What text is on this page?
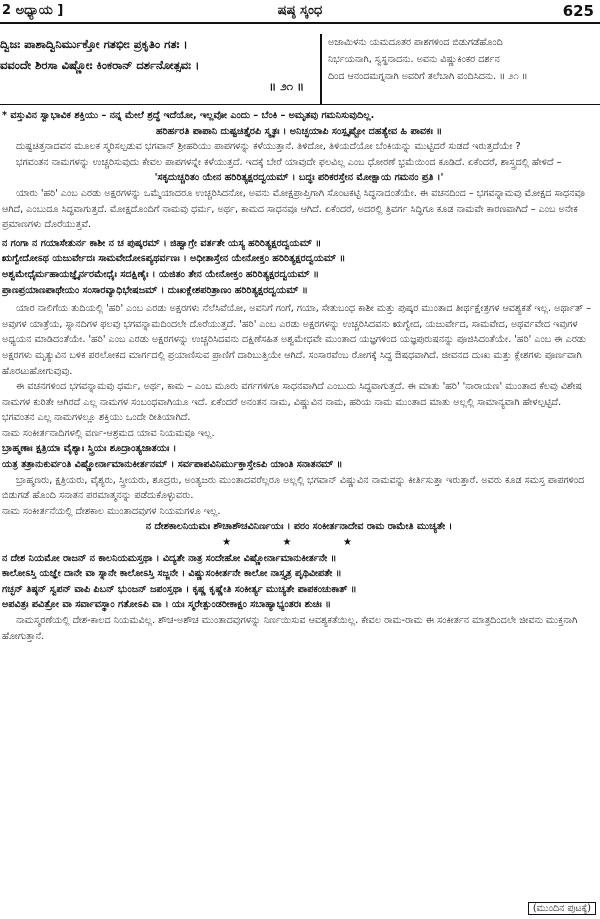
2 ಅಧ್ಯಾಯ ]	ಷಷ್ಠ ಸ್ಕಂಧ	625
ದ್ವಿಜಃ ಪಾಶಾದ್ವಿನಿರ್ಮುಕ್ತೋ ಗತಭೀಃ ಪ್ರಕೃತಿಂ ಗತಃ ।
ವವಂದೇ ಶಿರಸಾ ವಿಷ್ಣೋಃ ಕಿಂಕರಾನ್ ದರ್ಶನೋತ್ಸವಃ ।
॥ ೨೧ ॥
ಅಜಾಮಿಳನು ಯಮದೂತರ ಪಾಶಗಳಿಂದ ಬಿಡುಗಡೆಹೊಂದಿ
ನಿರ್ಭಯನಾಗಿ, ಸ್ವಸ್ಥನಾದನು. ಅವನು ವಿಷ್ಣುಕಿಂಕರ ದರ್ಶನ
ದಿಂದ ಆನಂದಮಗ್ನನಾಗಿ ಅವರಿಗೆ ತಲೆಬಾಗಿ ವಂದಿಸಿದನು. ॥ ೨೧ ॥

* ವಸ್ತುವಿನ ಸ್ವಾಭಾವಿಕ ಶಕ್ತಿಯು – ನನ್ನ ಮೇಲೆ ಶ್ರದ್ಧೆ ಇದೆಯೋ, ಇಲ್ಲವೋ ಎಂದು – ಬೆಂಕಿ – ಅಮೃತವು ಗಮನಿಸುವುದಿಲ್ಲ.

ಹರಿರ್ಹರತಿ ಪಾಪಾನಿ ದುಷ್ಟಚಿತ್ತೈರಪಿ ಸ್ಮೃತಃ । ಅನಿಚ್ಛಯಾಪಿ ಸಂಸ್ಪೃಷ್ಟೋ ದಹತ್ಯೇವ ಹಿ ಪಾವಕಃ ॥

ದುಷ್ಟಚಿತ್ತನಾದವನ ಮೂಲಕ ಸ್ಮರಿಸಲ್ಪಡುವ ಭಗವಾನ್ ಶ್ರೀಹರಿಯು ಪಾಪಗಳನ್ನು ಕಳೆಯುತ್ತಾನೆ. ತಿಳಿದೋ, ತಿಳಿಯದೆಯೋ ಬೆಂಕಿಯನ್ನು ಮುಟ್ಟಿದರೆ ಸುಡದೆ ಇರುತ್ತದೆಯೇ ?

ಭಗವಂತನ ನಾಮಗಳನ್ನು ಉಚ್ಚರಿಸುವುದು ಕೇವಲ ಪಾಪಗಳನ್ನೇ ಕಳೆಯುತ್ತದೆ. ಇದಕ್ಕೆ ಬೇರೆ ಯಾವುದೇ ಫಲವಿಲ್ಲ ಎಂಬ ಧೋರಣೆ ಭ್ರಮೆಯಿಂದ ಕೂಡಿದೆ. ಏಕೆಂದರೆ, ಶಾಸ್ತ್ರದಲ್ಲಿ ಹೇಳಿದೆ –

'ಸಕೃದುಚ್ಚರಿತಂ ಯೇನ ಹರಿರಿತ್ಯಕ್ಷರದ್ವಯಮ್ । ಬದ್ಧಃ ಪರಿಕರಸ್ತೇನ ಮೋಕ್ಷಾಯ ಗಮನಂ ಪ್ರತಿ ।'

ಯಾರು 'ಹರಿ' ಎಂಬ ಎರಡು ಅಕ್ಷರಗಳನ್ನು ಒಮ್ಮೆಯಾದರೂ ಉಚ್ಚರಿಸಿದನೋ, ಅವನು ಮೋಕ್ಷಪ್ರಾಪ್ತಿಗಾಗಿ ಸೊಂಟಕಟ್ಟಿ ಸಿದ್ಧನಾದಂತೆಯೇ. ಈ ವಚನದಿಂದ – ಭಗವನ್ನಾಮವು ಮೋಕ್ಷದ ಸಾಧನವೂ ಆಗಿದೆ, ಎಂಬುದೂ ಸಿದ್ಧವಾಗುತ್ತದೆ. ಮೋಕ್ಷದೊಂದಿಗೆ ನಾಮವು ಧರ್ಮ, ಅರ್ಥ, ಕಾಮದ ಸಾಧನವೂ ಆಗಿದೆ. ಏಕೆಂದರೆ, ಅದರಲ್ಲಿ ತ್ರಿವರ್ಗ ಸಿದ್ಧಿಗೂ ಕೂಡ ನಾಮವೇ ಕಾರಣವಾಗಿದೆ – ಎಂಬ ಅನೇಕ ಪ್ರಮಾಣಗಳು ದೊರೆಯುತ್ತವೆ.

ನ ಗಂಗಾ ನ ಗಯಾಸೇತುರ್ನ ಕಾಶೀ ನ ಚ ಪುಷ್ಕರಮ್ । ಜಿಹ್ವಾಗ್ರೇ ವರ್ತತೇ ಯಸ್ಯ ಹರಿರಿತ್ಯಕ್ಷರದ್ವಯಮ್ ॥

ಋಗ್ವೇದೋಽಥ ಯಜುರ್ವೇದಃ ಸಾಮವೇದೋಽಪ್ಯಥರ್ವಣಃ । ಅಧೀತಾಸ್ತೇನ ಯೇನೋಕ್ತಂ ಹರಿರಿತ್ಯಕ್ಷರದ್ವಯಮ್ ॥

ಅಶ್ವಮೇಧೈರ್ಮಹಾಯಜ್ಞೈರ್ನರಮೇಧೈಃ ಸದಕ್ಷಿಣೈಃ । ಯಜಿತಂ ತೇನ ಯೇನೋಕ್ತಂ ಹರಿರಿತ್ಯಕ್ಷರದ್ವಯಮ್ ॥

ಪ್ರಾಣಪ್ರಯಾಣಪಾಥೇಯಂ ಸಂಸಾರವ್ಯಾಧಿಭೇಷಜಮ್ । ದುಃಖಕ್ಲೇಶಪರಿತ್ರಾಣಂ ಹರಿರಿತ್ಯಕ್ಷರದ್ವಯಮ್ ॥

ಯಾರ ನಾಲಿಗೆಯ ತುದಿಯಲ್ಲಿ 'ಹರಿ' ಎಂಬ ಎರಡು ಅಕ್ಷರಗಳು ನೆಲೆಸಿವೆಯೋ, ಅವನಿಗೆ ಗಂಗೆ, ಗಯಾ, ಸೇತುಬಂಧ ಕಾಶೀ ಮತ್ತು ಪುಷ್ಕರ ಮುಂತಾದ ತೀರ್ಥಕ್ಷೇತ್ರಗಳ ಆವಶ್ಯಕತೆ ಇಲ್ಲ. ಅರ್ಥಾತ್ – ಅವುಗಳ ಯಾತ್ರೆಯ, ಸ್ನಾನದಿಗಳ ಫಲವು ಭಗವನ್ನಾಮದಿಂದಲೇ ದೊರೆಯುತ್ತದೆ. 'ಹರಿ' ಎಂಬ ಎರಡು ಅಕ್ಷರಗಳನ್ನು ಉಚ್ಚರಿಸಿದವನು ಋಗ್ವೇದ, ಯಜುರ್ವೇದ, ಸಾಮವೇದ, ಅಥರ್ವವೇದ ಇವುಗಳ ಅಧ್ಯಯನ ಮಾಡಿದಂತೆಯೇ. 'ಹರಿ' ಎಂಬ ಎರಡು ಅಕ್ಷರಗಳನ್ನು ಉಚ್ಚರಿಸಿದವನು ದಕ್ಷಿಣೆಸಹಿತ ಅಶ್ವಮೇಧವೇ ಮುಂತಾದ ಯಜ್ಞಗಳಿಂದ ಯಜ್ಞಪುರುಷನನ್ನು ಪೂಜಿಸಿದಂತೆಯೇ. 'ಹರಿ' ಎಂಬ ಈ ಎರಡು ಅಕ್ಷರಗಳು ಮೃತ್ಯುವಿನ ಬಳಿಕ ಪರಲೋಕದ ಮಾರ್ಗದಲ್ಲಿ ಪ್ರಯಾಣಿಸುವ ಪ್ರಾಣಿಗೆ ದಾರಿಬುತ್ತಿಯೇ ಆಗಿದೆ. ಸಂಸಾರವೆಂಬ ರೋಗಕ್ಕೆ ಸಿದ್ಧ ಔಷಧವಾಗಿದೆ. ಜೀವನದ ದುಃಖ ಮತ್ತು ಕ್ಲೇಶಗಳು ಪೂರ್ಣವಾಗಿ ಹೊರಟುಹೋಗುವುವು.

ಈ ವಚನಗಳಿಂದ ಭಗವನ್ನಾಮವು ಧರ್ಮ, ಅರ್ಥ, ಕಾಮ – ಎಂಬ ಮೂರು ವರ್ಗಗಳಿಗೂ ಸಾಧನವಾಗಿದೆ ಎಂಬುದು ಸಿದ್ಧವಾಗುತ್ತದೆ. ಈ ಮಾತು 'ಹರಿ' 'ನಾರಾಯಣ' ಮುಂತಾದ ಕೆಲವು ವಿಶೇಷ ನಾಮಗಳ ಕುರಿತೇ ಆಗಿರದೆ ಎಲ್ಲ ನಾಮಗಳ ಸಂಬಂಧವಾಗಿಯೂ ಇದೆ. ಏಕೆಂದರೆ ಅನಂತನ ನಾಮ, ವಿಷ್ಣುವಿನ ನಾಮ, ಹರಿಯ ನಾಮ ಮುಂತಾದ ಮಾತು ಅಲ್ಲಲ್ಲಿ ಸಾಮಾನ್ಯವಾಗಿ ಹೇಳಲ್ಪಟ್ಟಿದೆ. ಭಗವಂತನ ಎಲ್ಲ ನಾಮಗಳಲ್ಲೂ ಶಕ್ತಿಯು ಒಂದೇ ರೀತಿಯಾಗಿದೆ.

ನಾಮ ಸಂಕೀರ್ತನಾದಿಗಳಲ್ಲಿ ವರ್ಣ-ಆಶ್ರಮದ ಯಾವ ನಿಯಮವೂ ಇಲ್ಲ.

ಬ್ರಾಹ್ಮಣಾಃ ಕ್ಷತ್ರಿಯಾ ವೈಶ್ಯಾಃ ಸ್ತ್ರಿಯಃ ಶೂದ್ರಾಂತ್ಯಜಾತಯಃ ।

ಯತ್ರ ತತ್ರಾನುಕುರ್ವಂತಿ ವಿಷ್ಣೋರ್ನಾಮಾನುಕೀರ್ತನಮ್ । ಸರ್ವಪಾಪವಿನಿರ್ಮುಕ್ತಾಸ್ತೇಽಪಿ ಯಾಂತಿ ಸನಾತನಮ್ ॥

ಬ್ರಾಹ್ಮಣರು, ಕ್ಷತ್ರಿಯರು, ವೈಶ್ಯರು, ಸ್ತ್ರೀಯರು, ಶೂದ್ರರು, ಅಂತ್ಯಜರು ಮುಂತಾದವರೆಲ್ಲರೂ ಅಲ್ಲಲ್ಲಿ ಭಗವಾನ್ ವಿಷ್ಣುವಿನ ನಾಮವನ್ನು ಕೀರ್ತಿಸುತ್ತಾ ಇರುತ್ತಾರೆ. ಅವರು ಕೂಡ ಸಮಸ್ತ ಪಾಪಗಳಿಂದ ಬಿಡುಗಡೆ ಹೊಂದಿ ಸನಾತನ ಪರಮಾತ್ಮನನ್ನು ಪಡೆದುಕೊಳ್ಳುವರು.

ನಾಮ ಸಂಕೀರ್ತನೆಯಲ್ಲಿ ದೇಶಕಾಲ ಮುಂತಾದವುಗಳ ನಿಯಮಗಳೂ ಇಲ್ಲ.

ನ ದೇಶಕಾಲನಿಯಮಃ ಶೌಚಾಶೌಚವಿನಿರ್ಣಯಃ । ಪರಂ ಸಂಕೀರ್ತನಾದೇವ ರಾಮ ರಾಮೇತಿ ಮುಚ್ಯತೇ ।

★ ★ ★

ನ ದೇಶ ನಿಯಮೋ ರಾಜನ್ ನ ಕಾಲನಿಯಮಸ್ತಥಾ । ವಿದ್ಯತೇ ನಾತ್ರ ಸಂದೇಹೋ ವಿಷ್ಣೋರ್ನಾಮಾನುಕೀರ್ತನೇ ॥

ಕಾಲೋಽಸ್ತಿ ಯಜ್ಞೇ ದಾನೇ ವಾ ಸ್ನಾನೇ ಕಾಲೋಽಸ್ತಿ ಸಜ್ಜನೇ । ವಿಷ್ಣುಸಂಕೀರ್ತನೇ ಕಾಲೋ ನಾಸ್ತ್ಯತ್ರ ಪೃಥಿವೀಪತೇ ॥

ಗಚ್ಛನ್ ತಿಷ್ಠನ್ ಸ್ವಪನ್ ವಾಪಿ ಪಿಬನ್ ಭುಂಜನ್ ಜಪಂಸ್ತಥಾ । ಕೃಷ್ಣ ಕೃಷ್ಣೇತಿ ಸಂಕೀರ್ತ್ಯ ಮುಚ್ಯತೇ ಪಾಪಕಂಚುಕಾತ್ ॥

ಅಪವಿತ್ರಃ ಪವಿತ್ರೋ ವಾ ಸರ್ವಾವಸ್ಥಾಂ ಗತೋಽಪಿ ವಾ । ಯಃ ಸ್ಮರೇತ್ಪುಂಡರೀಕಾಕ್ಷಂ ಸಬಾಹ್ಯಾಭ್ಯಂತರಃ ಶುಚಿಃ ॥

ನಾಮಸ್ಮರಣೆಯಲ್ಲಿ ದೇಶ-ಕಾಲದ ನಿಯಮವಿಲ್ಲ. ಶೌಚ-ಅಶೌಚ ಮುಂತಾದವುಗಳನ್ನು ನಿರ್ಣಯಿಸುವ ಆವಶ್ಯಕತೆಯಿಲ್ಲ. ಕೇವಲ ರಾಮ-ರಾಮ ಈ ಸಂಕೀರ್ತನ ಮಾತ್ರದಿಂದಲೇ ಜೀವನು ಮುಕ್ತನಾಗಿ ಹೋಗುತ್ತಾನೆ.

(ಮುಂದಿನ ಪುಟಕ್ಕೆ)
